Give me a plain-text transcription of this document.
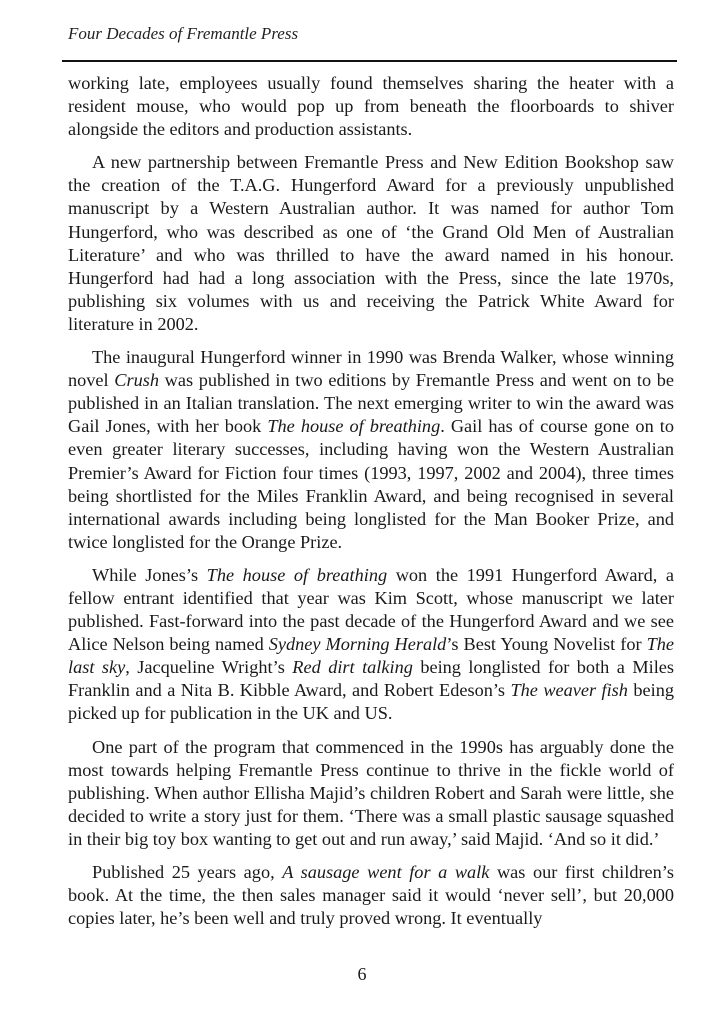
Four Decades of Fremantle Press

working late, employees usually found themselves sharing the heater with a resident mouse, who would pop up from beneath the floorboards to shiver alongside the editors and production assistants.

A new partnership between Fremantle Press and New Edition Bookshop saw the creation of the T.A.G. Hungerford Award for a previously unpublished manuscript by a Western Australian author. It was named for author Tom Hungerford, who was described as one of ‘the Grand Old Men of Australian Literature’ and who was thrilled to have the award named in his honour. Hungerford had had a long association with the Press, since the late 1970s, publishing six volumes with us and receiving the Patrick White Award for literature in 2002.

The inaugural Hungerford winner in 1990 was Brenda Walker, whose winning novel Crush was published in two editions by Fremantle Press and went on to be published in an Italian translation. The next emerging writer to win the award was Gail Jones, with her book The house of breathing. Gail has of course gone on to even greater literary successes, including having won the Western Australian Premier’s Award for Fiction four times (1993, 1997, 2002 and 2004), three times being shortlisted for the Miles Franklin Award, and being recognised in several international awards including being longlisted for the Man Booker Prize, and twice longlisted for the Orange Prize.

While Jones’s The house of breathing won the 1991 Hungerford Award, a fellow entrant identified that year was Kim Scott, whose manuscript we later published. Fast-forward into the past decade of the Hungerford Award and we see Alice Nelson being named Sydney Morning Herald’s Best Young Novelist for The last sky, Jacqueline Wright’s Red dirt talking being longlisted for both a Miles Franklin and a Nita B. Kibble Award, and Robert Edeson’s The weaver fish being picked up for publication in the UK and US.

One part of the program that commenced in the 1990s has arguably done the most towards helping Fremantle Press continue to thrive in the fickle world of publishing. When author Ellisha Majid’s children Robert and Sarah were little, she decided to write a story just for them. ‘There was a small plastic sausage squashed in their big toy box wanting to get out and run away,’ said Majid. ‘And so it did.’

Published 25 years ago, A sausage went for a walk was our first children’s book. At the time, the then sales manager said it would ‘never sell’, but 20,000 copies later, he’s been well and truly proved wrong. It eventually

6
